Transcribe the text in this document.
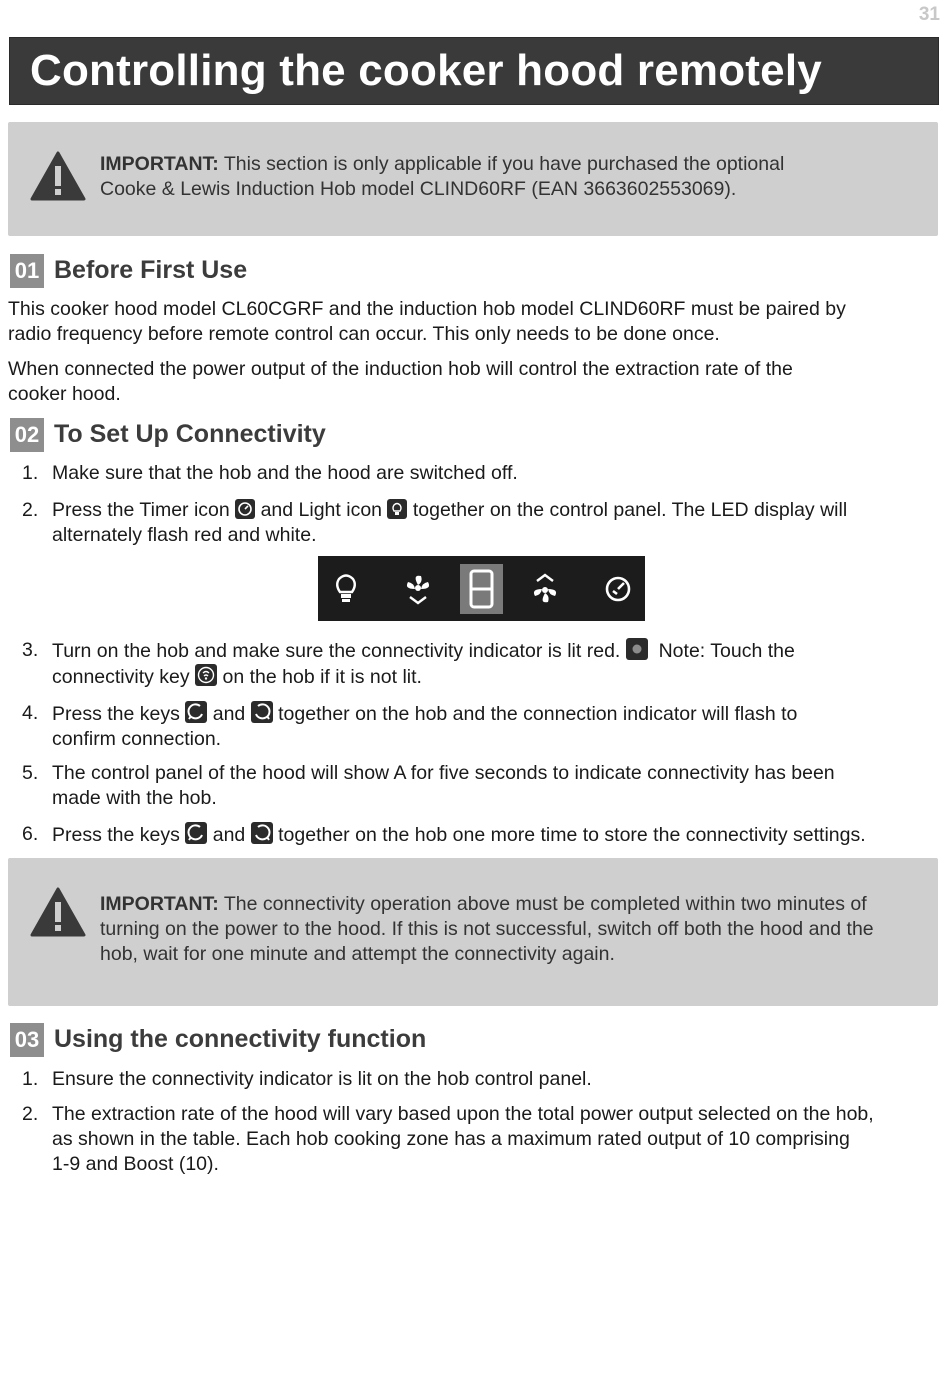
31
Controlling the cooker hood remotely

IMPORTANT: This section is only applicable if you have purchased the optional
Cooke & Lewis Induction Hob model CLIND60RF (EAN 3663602553069).

01 Before First Use

This cooker hood model CL60CGRF and the induction hob model CLIND60RF must be paired by
radio frequency before remote control can occur. This only needs to be done once.

When connected the power output of the induction hob will control the extraction rate of the
cooker hood.

02 To Set Up Connectivity
1. Make sure that the hob and the hood are switched off.
2. Press the Timer icon and Light icon together on the control panel. The LED display will
alternately flash red and white.
3. Turn on the hob and make sure the connectivity indicator is lit red. Note: Touch the
connectivity key on the hob if it is not lit.
4. Press the keys and together on the hob and the connection indicator will flash to
confirm connection.
5. The control panel of the hood will show A for five seconds to indicate connectivity has been
made with the hob.
6. Press the keys and together on the hob one more time to store the connectivity settings.

IMPORTANT: The connectivity operation above must be completed within two minutes of
turning on the power to the hood. If this is not successful, switch off both the hood and the
hob, wait for one minute and attempt the connectivity again.

03 Using the connectivity function
1. Ensure the connectivity indicator is lit on the hob control panel.
2. The extraction rate of the hood will vary based upon the total power output selected on the hob,
as shown in the table. Each hob cooking zone has a maximum rated output of 10 comprising
1-9 and Boost (10).
